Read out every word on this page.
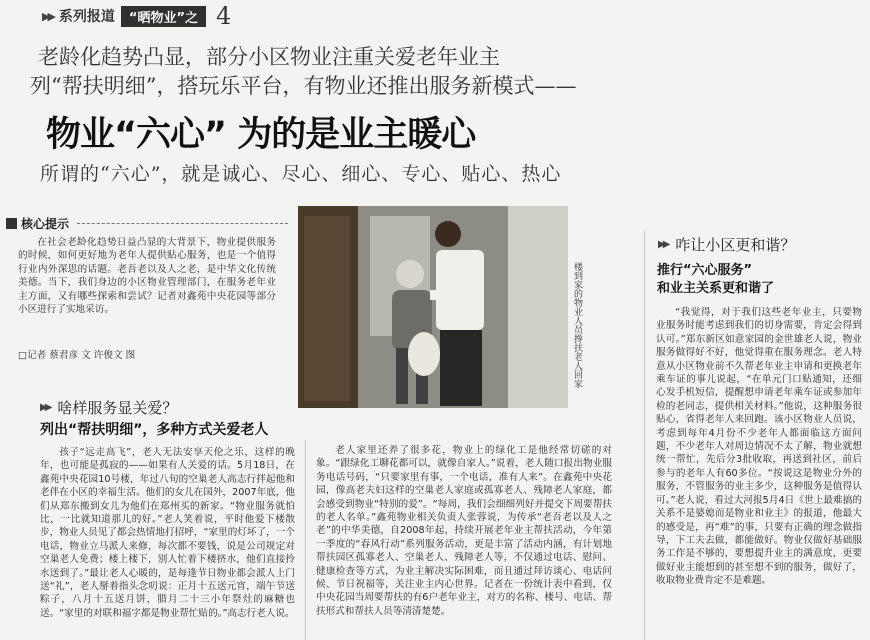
▶▶ 系列报道	“晒物业”之 4
老龄化趋势凸显，部分小区物业注重关爱老年业主
列“帮扶明细”，搭玩乐平台，有物业还推出服务新模式——
物业“六心” 为的是业主暖心
所谓的“六心”，就是诚心、尽心、细心、专心、贴心、热心
核心提示
在社会老龄化趋势日益凸显的大背景下，物业提供服务的时候，如何更好地为老年人提供贴心服务，也是一个值得行业内外深思的话题。老吾老以及人之老，是中华文化传统美德。当下，我们身边的小区物业管理部门，在服务老年业主方面，又有哪些探索和尝试？记者对鑫苑中央花园等部分小区进行了实地采访。
□记者 蔡君彦 文 许俊文 图	楼到家的物业人员搀扶老人回家
▶▶ 啥样服务显关爱？
列出“帮扶明细”，多种方式关爱老人
孩子“远走高飞”，老人无法安享天伦之乐，这样的晚年，也可能是孤寂的——如果有人关爱的话。5月18日，在鑫苑中央花园10号楼，年过八旬的空巢老人高志行拌起他和老伴在小区的幸福生活。他们的女儿在国外，2007年底，他们从郑东搬到女儿为他们在郑州买的新家。“物业服务就怕比，一比就知道那儿的好。”老人笑着说，平时他爱下楼散步，物业人员见了都会热情地打招呼，“家里的灯坏了，一个电话，物业立马派人来修，每次都不要钱，说是公司规定对空巢老人免费；楼上楼下，别人忙着下楼挤水，他们直接拎水送到了。”最让老人心暖的，是每逢节日物业都会派人上门送“礼”，老人掰着指头念叨说：正月十五送元宵，端午节送粽子，八月十五送月饼，腊月二十三小年祭灶的麻糖也送。“家里的对联和福字都是物业帮忙贴的。”高志行老人说。
老人家里还养了很多花，物业上的绿化工是他经常切磋的对象。“跟绿化工聊花都可以，就像自家人。”说着，老人随口报出物业服务电话号码，“只要家里有事，一个电话，准有人来”。在鑫苑中央花园，像高老夫妇这样的空巢老人家庭或孤寡老人、残障老人家庭，都会感受到物业“特别的爱”。“每周，我们会细细列好并提交下周要帮扶的老人名单。”鑫苑物业相关负责人张蓉说，为传承“老吾老以及人之老”的中华美德，自2008年起，持续开展老年业主帮扶活动，今年第一季度的“春风行动”系列服务活动，更是丰富了活动内涵，有计划地帮扶园区孤寡老人、空巢老人、残障老人等，不仅通过电话、慰问、健康检查等方式，为业主解决实际困难，而且通过拜访谈心、电话问候、节日祝福等，关注业主内心世界。记者在一份统计表中看到，仅中央花园当周要帮扶的有6户老年业主，对方的名称、楼号、电话、帮扶形式和帮扶人员等清清楚楚。
▶▶ 咋让小区更和谐？
推行“六心服务”
和业主关系更和谐了
“我觉得，对于我们这些老年业主，只要物业服务时能考虑到我们的切身需要，肯定会得到认可。”郑东新区如意家园的金世雄老人说，物业服务做得好不好，他觉得重在服务理念。老人特意从小区物业前不久帮老年业主申请和更换老年乘车证的事儿说起，“在单元门口贴通知，还细心发手机短信，提醒想申请老年乘车证或参加年检的老同志，提供相关材料。”他说，这种服务很贴心，省得老年人来回跑。该小区物业人员说，考虑到每年4月份不少老年人都面临这方面问题，不少老年人对周边情况不太了解，物业就想统一帮忙，先后分3批收取，再送到社区，前后参与的老年人有60多位。“按说这是物业分外的服务，不管服务的业主多少，这种服务是值得认可。”老人说，看过大河报5月4日《世上最难搞的关系不是婆媳而是物业和业主》的报道，他最大的感受是，再“难”的事，只要有正确的理念做指导，下工夫去做，都能做好。物业仅做好基础服务工作是不够的，要想提升业主的满意度，更要做好业主能想到的甚至想不到的服务，做好了，收取物业费肯定不是难题。
